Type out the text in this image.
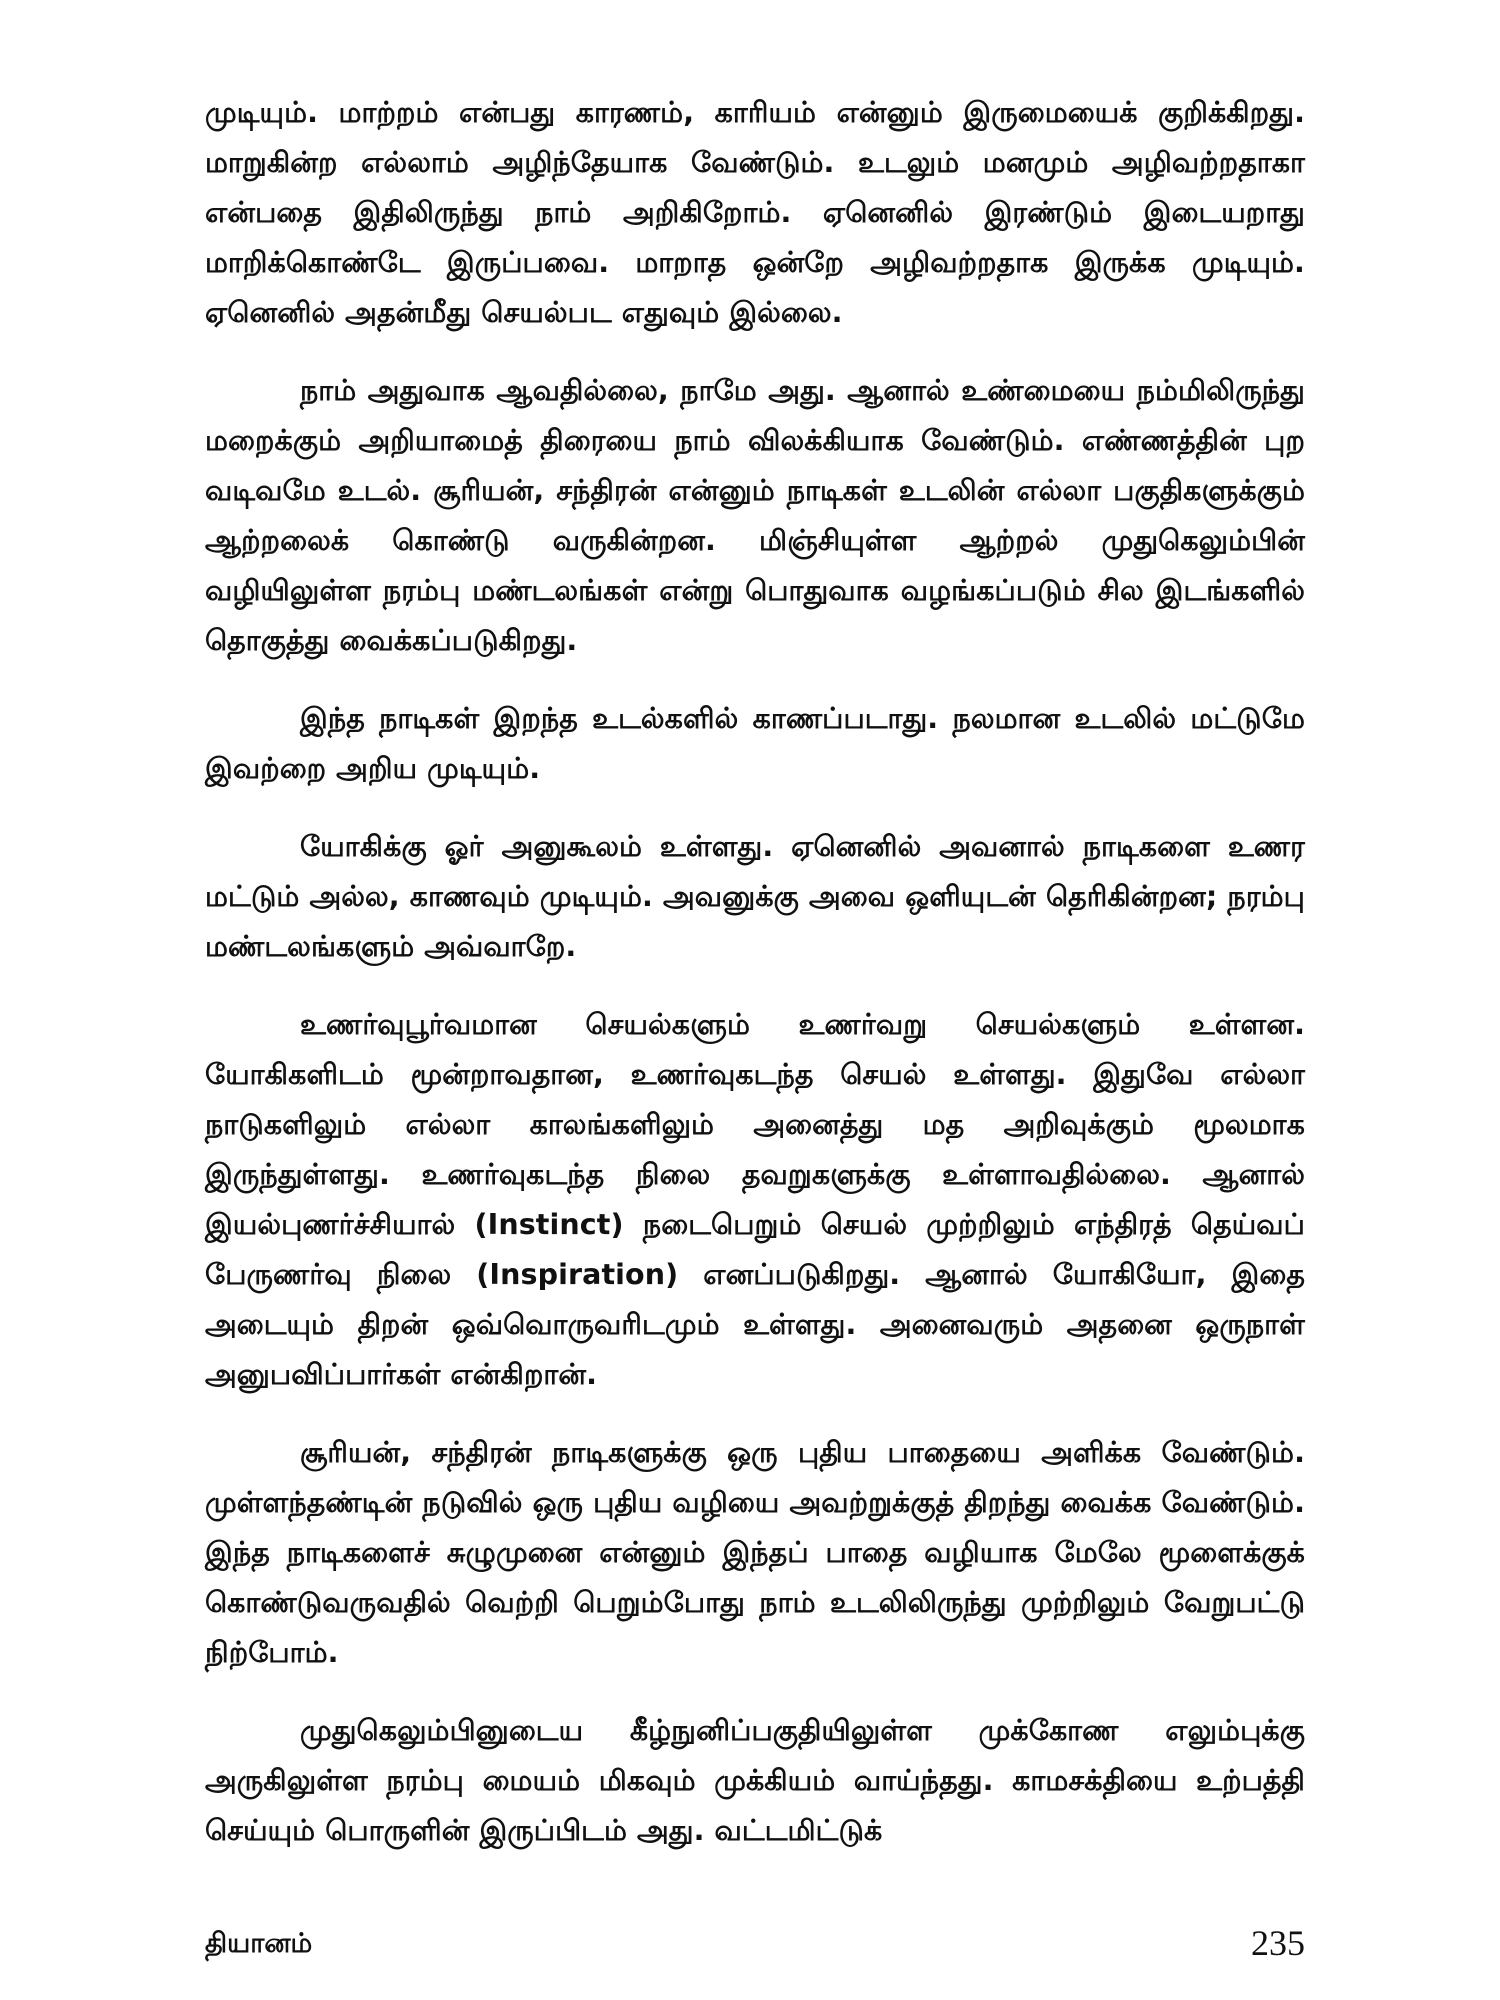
முடியும். மாற்றம் என்பது காரணம், காரியம் என்னும் இருமையைக் குறிக்கிறது. மாறுகின்ற எல்லாம் அழிந்தேயாக வேண்டும். உடலும் மனமும் அழிவற்றதாகா என்பதை இதிலிருந்து நாம் அறிகிறோம். ஏனெனில் இரண்டும் இடையறாது மாறிக்கொண்டே இருப்பவை. மாறாத ஒன்றே அழிவற்றதாக இருக்க முடியும். ஏனெனில் அதன்மீது செயல்பட எதுவும் இல்லை.

நாம் அதுவாக ஆவதில்லை, நாமே அது. ஆனால் உண்மையை நம்மிலிருந்து மறைக்கும் அறியாமைத் திரையை நாம் விலக்கியாக வேண்டும். எண்ணத்தின் புற வடிவமே உடல். சூரியன், சந்திரன் என்னும் நாடிகள் உடலின் எல்லா பகுதிகளுக்கும் ஆற்றலைக் கொண்டு வருகின்றன. மிஞ்சியுள்ள ஆற்றல் முதுகெலும்பின் வழியிலுள்ள நரம்பு மண்டலங்கள் என்று பொதுவாக வழங்கப்படும் சில இடங்களில் தொகுத்து வைக்கப்படுகிறது.

இந்த நாடிகள் இறந்த உடல்களில் காணப்படாது. நலமான உடலில் மட்டுமே இவற்றை அறிய முடியும்.

யோகிக்கு ஓர் அனுகூலம் உள்ளது. ஏனெனில் அவனால் நாடிகளை உணர மட்டும் அல்ல, காணவும் முடியும். அவனுக்கு அவை ஒளியுடன் தெரிகின்றன; நரம்பு மண்டலங்களும் அவ்வாறே.

உணர்வுபூர்வமான செயல்களும் உணர்வறு செயல்களும் உள்ளன. யோகிகளிடம் மூன்றாவதான, உணர்வுகடந்த செயல் உள்ளது. இதுவே எல்லா நாடுகளிலும் எல்லா காலங்களிலும் அனைத்து மத அறிவுக்கும் மூலமாக இருந்துள்ளது. உணர்வுகடந்த நிலை தவறுகளுக்கு உள்ளாவதில்லை. ஆனால் இயல்புணர்ச்சியால் (Instinct) நடைபெறும் செயல் முற்றிலும் எந்திரத் தெய்வப் பேருணர்வு நிலை (Inspiration) எனப்படுகிறது. ஆனால் யோகியோ, இதை அடையும் திறன் ஒவ்வொருவரிடமும் உள்ளது. அனைவரும் அதனை ஒருநாள் அனுபவிப்பார்கள் என்கிறான்.

சூரியன், சந்திரன் நாடிகளுக்கு ஒரு புதிய பாதையை அளிக்க வேண்டும். முள்ளந்தண்டின் நடுவில் ஒரு புதிய வழியை அவற்றுக்குத் திறந்து வைக்க வேண்டும். இந்த நாடிகளைச் சுழுமுனை என்னும் இந்தப் பாதை வழியாக மேலே மூளைக்குக் கொண்டுவருவதில் வெற்றி பெறும்போது நாம் உடலிலிருந்து முற்றிலும் வேறுபட்டு நிற்போம்.

முதுகெலும்பினுடைய கீழ்நுனிப்பகுதியிலுள்ள முக்கோண எலும்புக்கு அருகிலுள்ள நரம்பு மையம் மிகவும் முக்கியம் வாய்ந்தது. காமசக்தியை உற்பத்தி செய்யும் பொருளின் இருப்பிடம் அது. வட்டமிட்டுக்

தியானம்	235
